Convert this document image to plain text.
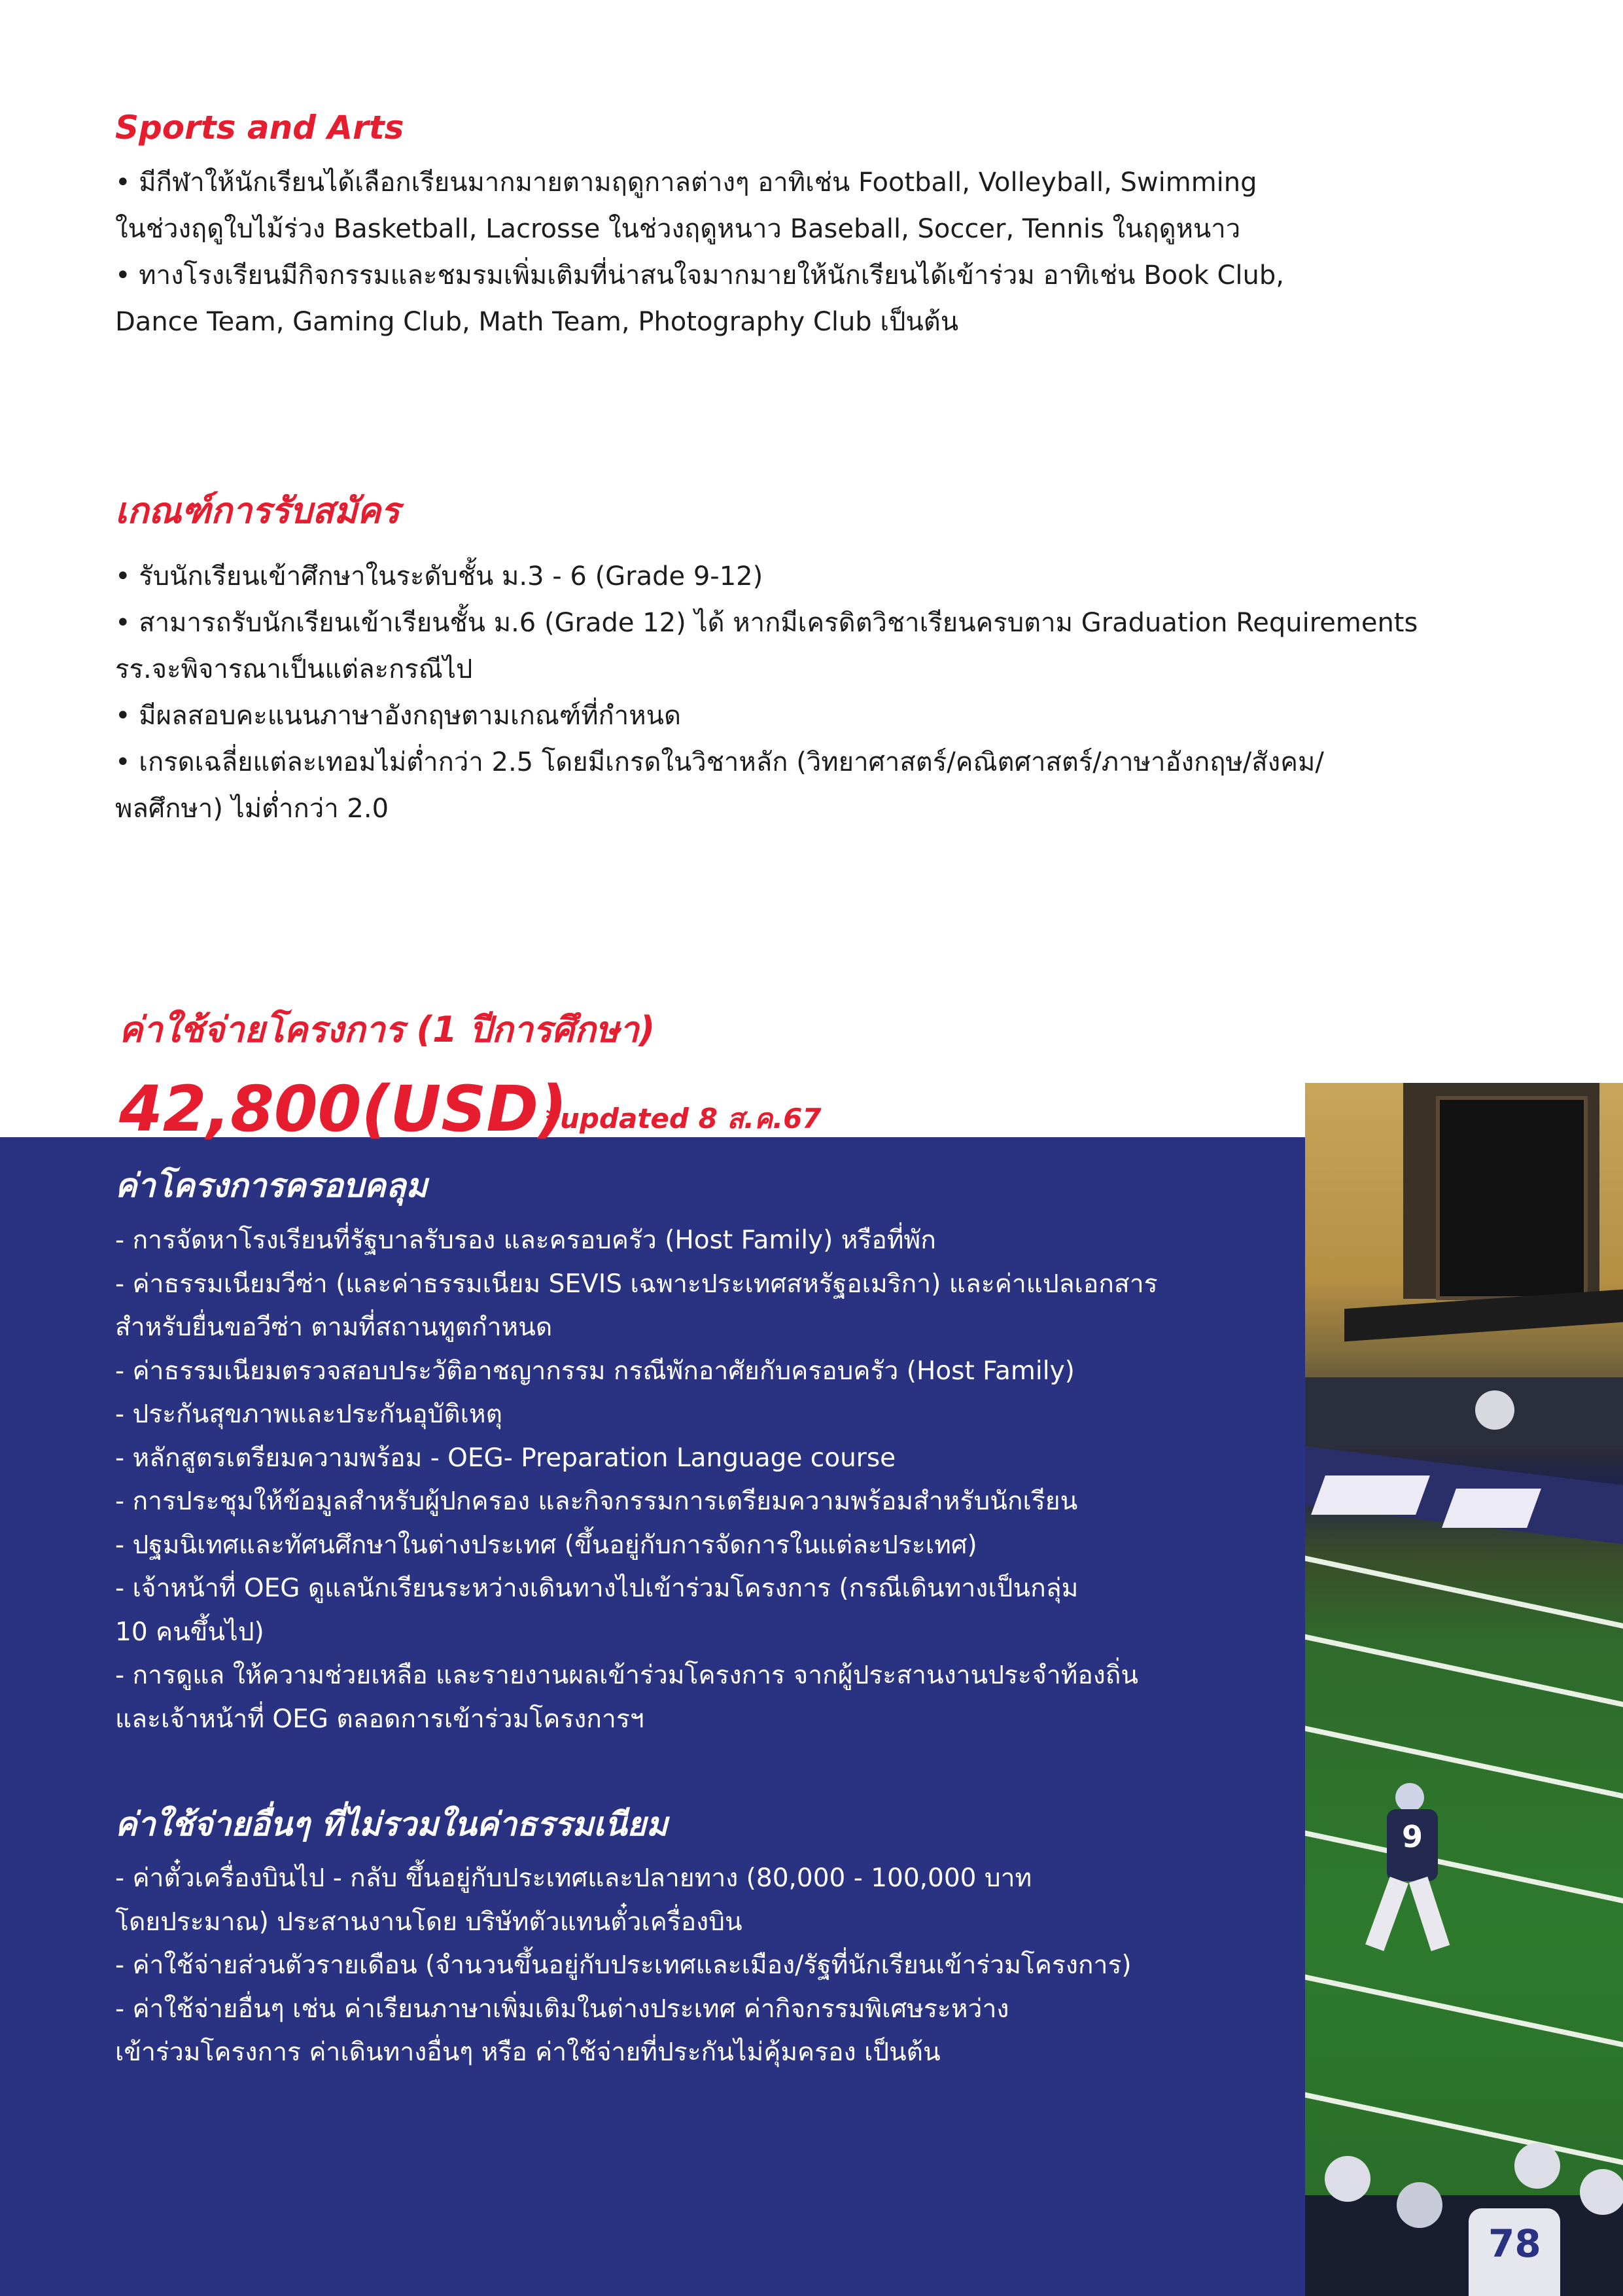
Sports and Arts

• มีกีฬาให้นักเรียนได้เลือกเรียนมากมายตามฤดูกาลต่างๆ อาทิเช่น Football, Volleyball, Swimming

ในช่วงฤดูใบไม้ร่วง Basketball, Lacrosse ในช่วงฤดูหนาว Baseball, Soccer, Tennis ในฤดูหนาว

• ทางโรงเรียนมีกิจกรรมและชมรมเพิ่มเติมที่น่าสนใจมากมายให้นักเรียนได้เข้าร่วม อาทิเช่น Book Club,

Dance Team, Gaming Club, Math Team, Photography Club เป็นต้น

เกณฑ์การรับสมัคร

• รับนักเรียนเข้าศึกษาในระดับชั้น ม.3 - 6 (Grade 9-12)

• สามารถรับนักเรียนเข้าเรียนชั้น ม.6 (Grade 12) ได้ หากมีเครดิตวิชาเรียนครบตาม Graduation Requirements

รร.จะพิจารณาเป็นแต่ละกรณีไป

• มีผลสอบคะแนนภาษาอังกฤษตามเกณฑ์ที่กำหนด

• เกรดเฉลี่ยแต่ละเทอมไม่ต่ำกว่า 2.5 โดยมีเกรดในวิชาหลัก (วิทยาศาสตร์/คณิตศาสตร์/ภาษาอังกฤษ/สังคม/

พลศึกษา) ไม่ต่ำกว่า 2.0

ค่าใช้จ่ายโครงการ (1 ปีการศึกษา)
9
78
42,800(USD)
*updated 8 ส.ค.67
ค่าโครงการครอบคลุม

- การจัดหาโรงเรียนที่รัฐบาลรับรอง และครอบครัว (Host Family) หรือที่พัก

- ค่าธรรมเนียมวีซ่า (และค่าธรรมเนียม SEVIS เฉพาะประเทศสหรัฐอเมริกา) และค่าแปลเอกสาร

สำหรับยื่นขอวีซ่า ตามที่สถานทูตกำหนด

- ค่าธรรมเนียมตรวจสอบประวัติอาชญากรรม กรณีพักอาศัยกับครอบครัว (Host Family)

- ประกันสุขภาพและประกันอุบัติเหตุ

- หลักสูตรเตรียมความพร้อม - OEG- Preparation Language course

- การประชุมให้ข้อมูลสำหรับผู้ปกครอง และกิจกรรมการเตรียมความพร้อมสำหรับนักเรียน

- ปฐมนิเทศและทัศนศึกษาในต่างประเทศ (ขึ้นอยู่กับการจัดการในแต่ละประเทศ)

- เจ้าหน้าที่ OEG ดูแลนักเรียนระหว่างเดินทางไปเข้าร่วมโครงการ (กรณีเดินทางเป็นกลุ่ม

10 คนขึ้นไป)

- การดูแล ให้ความช่วยเหลือ และรายงานผลเข้าร่วมโครงการ จากผู้ประสานงานประจำท้องถิ่น

และเจ้าหน้าที่ OEG ตลอดการเข้าร่วมโครงการฯ

ค่าใช้จ่ายอื่นๆ ที่ไม่รวมในค่าธรรมเนียม

- ค่าตั๋วเครื่องบินไป - กลับ ขึ้นอยู่กับประเทศและปลายทาง (80,000 - 100,000 บาท

โดยประมาณ) ประสานงานโดย บริษัทตัวแทนตั๋วเครื่องบิน

- ค่าใช้จ่ายส่วนตัวรายเดือน (จำนวนขึ้นอยู่กับประเทศและเมือง/รัฐที่นักเรียนเข้าร่วมโครงการ)

- ค่าใช้จ่ายอื่นๆ เช่น ค่าเรียนภาษาเพิ่มเติมในต่างประเทศ ค่ากิจกรรมพิเศษระหว่าง

เข้าร่วมโครงการ ค่าเดินทางอื่นๆ หรือ ค่าใช้จ่ายที่ประกันไม่คุ้มครอง เป็นต้น
